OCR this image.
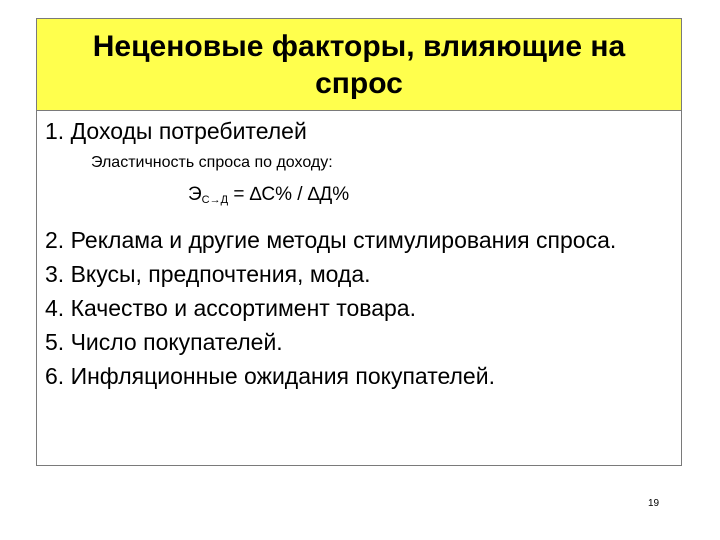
Неценовые факторы, влияющие на спрос
1. Доходы потребителей
Эластичность спроса по доходу:
$Э_{С\to Д} = \Delta С\% / \Delta Д\%$
2. Реклама и другие методы стимулирования спроса.
3. Вкусы, предпочтения, мода.
4. Качество и ассортимент товара.
5. Число покупателей.
6. Инфляционные ожидания покупателей.
19
